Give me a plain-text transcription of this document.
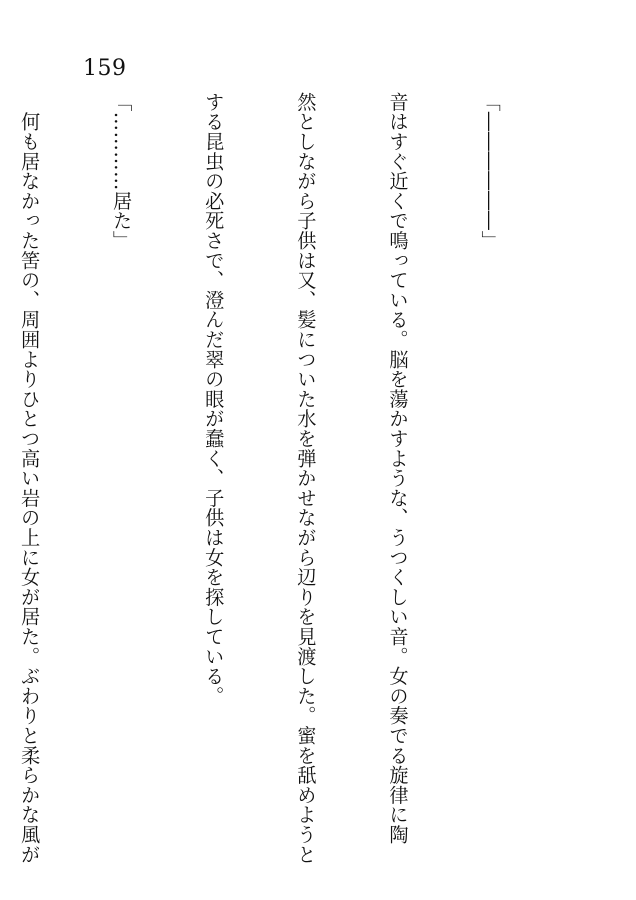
159

「――――――」

音はすぐ近くで鳴っている。脳を蕩かすような、うつくしい音。女の奏でる旋律に陶

然としながら子供は又、髪についた水を弾かせながら辺りを見渡した。蜜を舐めようと

する昆虫の必死さで、澄んだ翠の眼が蠢く、子供は女を探している。

「…………居た」

　何も居なかった筈の、周囲よりひとつ高い岩の上に女が居た。ぶわりと柔らかな風が
